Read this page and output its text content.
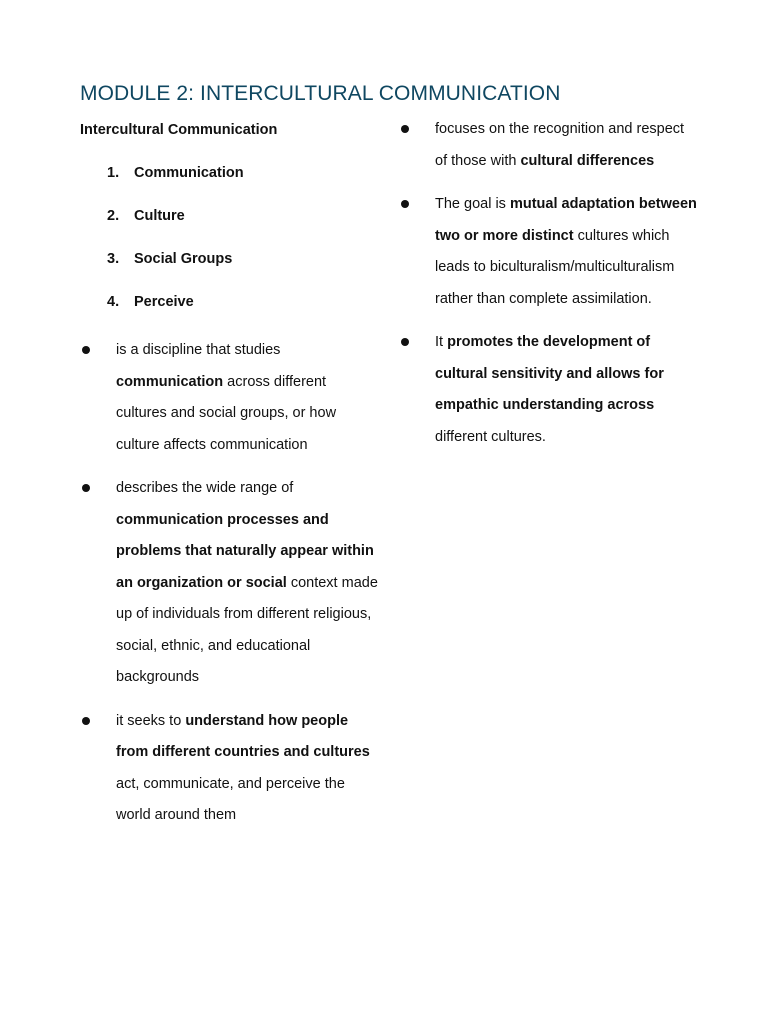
MODULE 2: INTERCULTURAL COMMUNICATION

Intercultural Communication

1. Communication
2. Culture
3. Social Groups
4. Perceive
is a discipline that studies communication across different cultures and social groups, or how culture affects communication
describes the wide range of communication processes and problems that naturally appear within an organization or social context made up of individuals from different religious, social, ethnic, and educational backgrounds
it seeks to understand how people from different countries and cultures act, communicate, and perceive the world around them
focuses on the recognition and respect of those with cultural differences
The goal is mutual adaptation between two or more distinct cultures which leads to biculturalism/multiculturalism rather than complete assimilation.
It promotes the development of cultural sensitivity and allows for empathic understanding across different cultures.
